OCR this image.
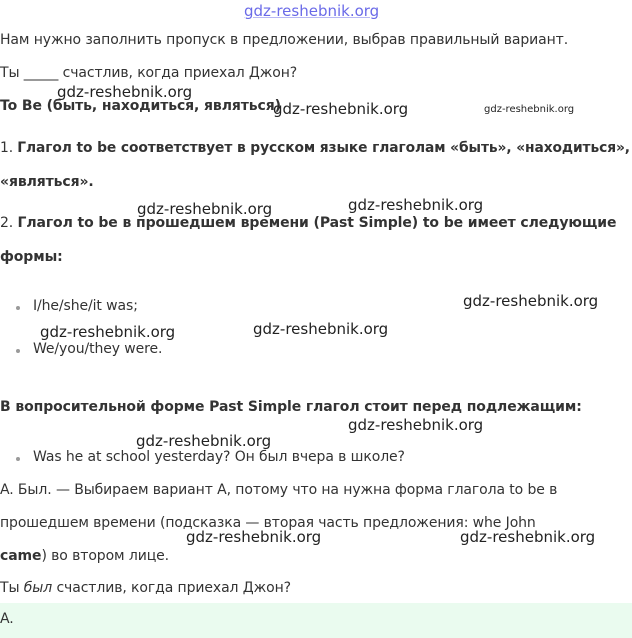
gdz-reshebnik.org
Нам нужно заполнить пропуск в предложении, выбрав правильный вариант.
Ты _____ счастлив, когда приехал Джон?
To Be (быть, находиться, являться)
1. Глагол to be соответствует в русском языке глаголам «быть», «находиться»,
«являться».
2. Глагол to be в прошедшем времени (Past Simple) to be имеет следующие
формы:
I/he/she/it was;
We/you/they were.
В вопросительной форме Past Simple глагол стоит перед подлежащим:
Was he at school yesterday? Он был вчера в школе?
A. Был. — Выбираем вариант A, потому что на нужна форма глагола to be в
прошедшем времени (подсказка — вторая часть предложения: whe John
came) во втором лице.
Ты был счастлив, когда приехал Джон?
A.
gdz-reshebnik.org
gdz-reshebnik.org	gdz-reshebnik.org
gdz-reshebnik.org
gdz-reshebnik.org
gdz-reshebnik.org
gdz-reshebnik.org
gdz-reshebnik.org
gdz-reshebnik.org
gdz-reshebnik.org
gdz-reshebnik.org	gdz-reshebnik.org
